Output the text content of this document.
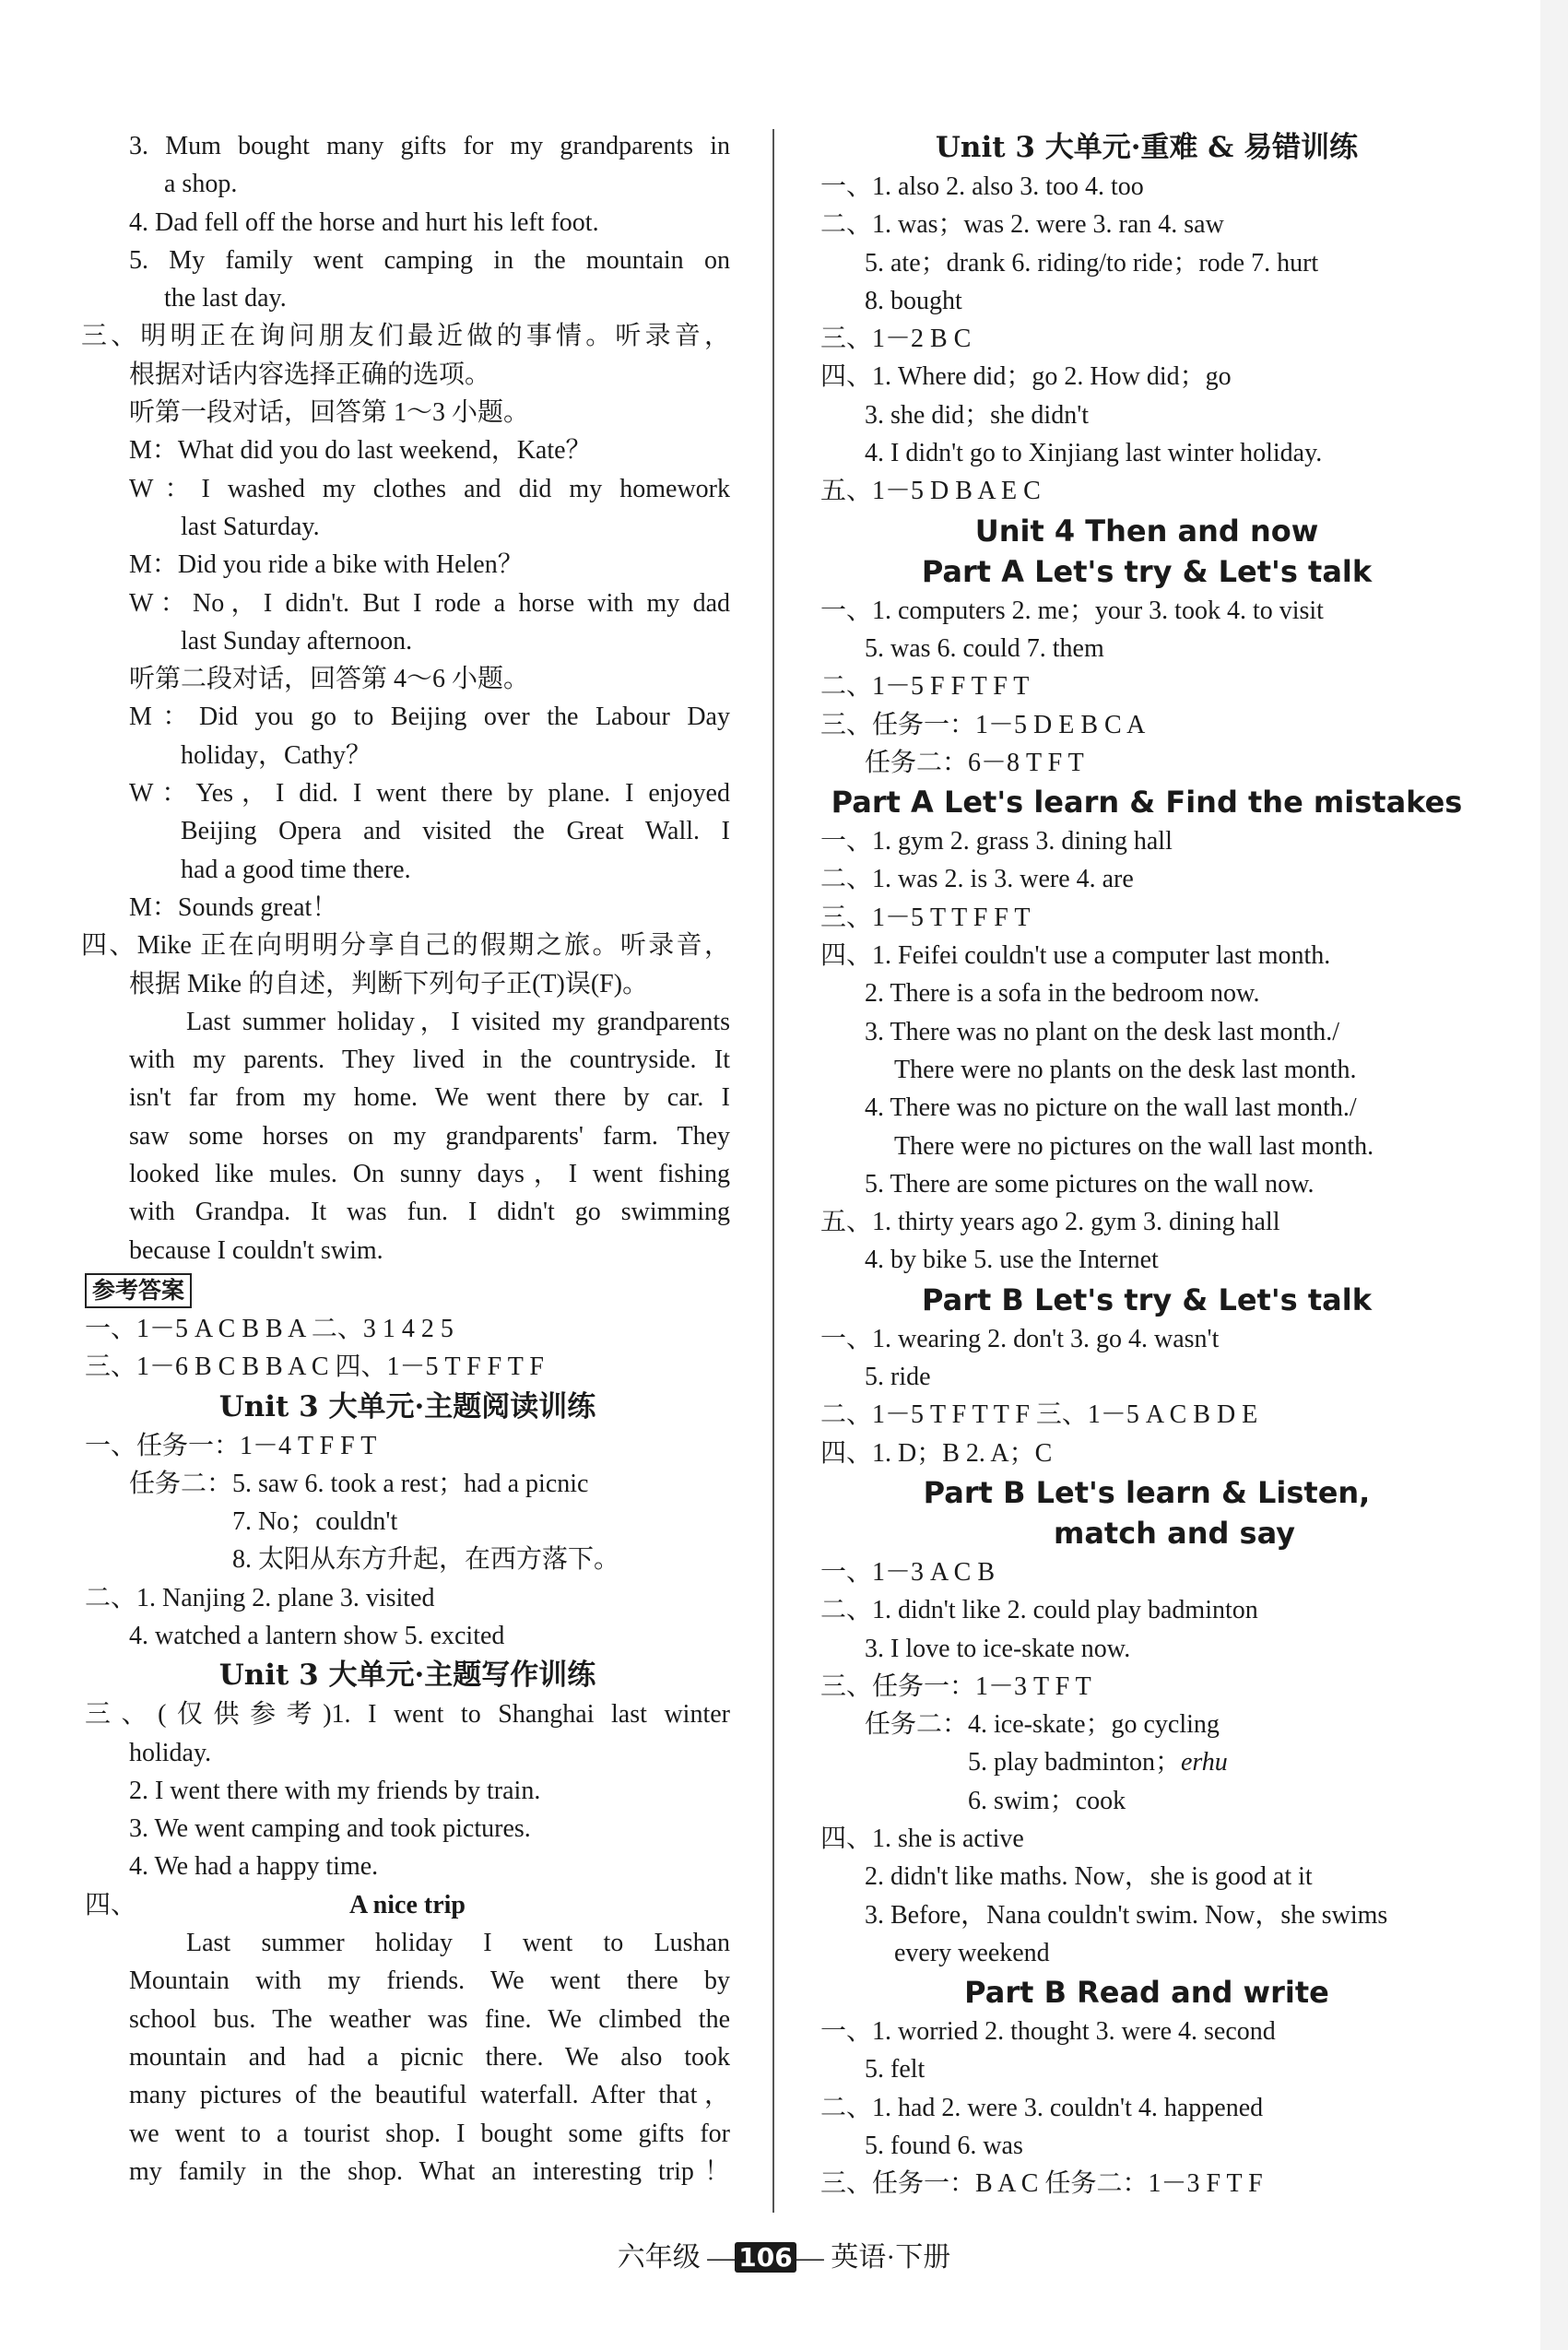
3. Mum bought many gifts for my grandparents in
a shop.
4. Dad fell off the horse and hurt his left foot.
5. My family went camping in the mountain on
the last day.
三、明明正在询问朋友们最近做的事情。听录音，
根据对话内容选择正确的选项。
听第一段对话，回答第 1～3 小题。
M：What did you do last weekend，Kate？
W：I washed my clothes and did my homework
last Saturday.
M：Did you ride a bike with Helen？
W：No，I didn't. But I rode a horse with my dad
last Sunday afternoon.
听第二段对话，回答第 4～6 小题。
M：Did you go to Beijing over the Labour Day
holiday，Cathy？
W：Yes，I did. I went there by plane. I enjoyed
Beijing Opera and visited the Great Wall. I
had a good time there.
M：Sounds great！
四、Mike 正在向明明分享自己的假期之旅。听录音，
根据 Mike 的自述，判断下列句子正(T)误(F)。
Last summer holiday，I visited my grandparents
with my parents. They lived in the countryside. It
isn't far from my home. We went there by car. I
saw some horses on my grandparents' farm. They
looked like mules. On sunny days，I went fishing
with Grandpa. It was fun. I didn't go swimming
because I couldn't swim.
参考答案
一、1－5 A C B B A 二、3 1 4 2 5
三、1－6 B C B B A C 四、1－5 T F F T F
Unit 3 大单元·主题阅读训练
一、任务一：1－4 T F F T
任务二：5. saw 6. took a rest；had a picnic
7. No；couldn't
8. 太阳从东方升起，在西方落下。
二、1. Nanjing 2. plane 3. visited
4. watched a lantern show 5. excited
Unit 3 大单元·主题写作训练
三、(仅供参考)1. I went to Shanghai last winter
holiday.
2. I went there with my friends by train.
3. We went camping and took pictures.
4. We had a happy time.
四、	A nice trip
Last summer holiday I went to Lushan
Mountain with my friends. We went there by
school bus. The weather was fine. We climbed the
mountain and had a picnic there. We also took
many pictures of the beautiful waterfall. After that，
we went to a tourist shop. I bought some gifts for
my family in the shop. What an interesting trip！
Unit 3 大单元·重难 & 易错训练
一、1. also 2. also 3. too 4. too
二、1. was；was 2. were 3. ran 4. saw
5. ate；drank 6. riding/to ride；rode 7. hurt
8. bought
三、1－2 B C
四、1. Where did；go 2. How did；go
3. she did；she didn't
4. I didn't go to Xinjiang last winter holiday.
五、1－5 D B A E C
Unit 4 Then and now
Part A Let's try & Let's talk
一、1. computers 2. me；your 3. took 4. to visit
5. was 6. could 7. them
二、1－5 F F T F T
三、任务一：1－5 D E B C A
任务二：6－8 T F T
Part A Let's learn & Find the mistakes
一、1. gym 2. grass 3. dining hall
二、1. was 2. is 3. were 4. are
三、1－5 T T F F T
四、1. Feifei couldn't use a computer last month.
2. There is a sofa in the bedroom now.
3. There was no plant on the desk last month./
There were no plants on the desk last month.
4. There was no picture on the wall last month./
There were no pictures on the wall last month.
5. There are some pictures on the wall now.
五、1. thirty years ago 2. gym 3. dining hall
4. by bike 5. use the Internet
Part B Let's try & Let's talk
一、1. wearing 2. don't 3. go 4. wasn't
5. ride
二、1－5 T F T T F 三、1－5 A C B D E
四、1. D；B 2. A；C
Part B Let's learn & Listen,
match and say
一、1－3 A C B
二、1. didn't like 2. could play badminton
3. I love to ice-skate now.
三、任务一：1－3 T F T
任务二：4. ice-skate；go cycling
5. play badminton；erhu
6. swim；cook
四、1. she is active
2. didn't like maths. Now，she is good at it
3. Before，Nana couldn't swim. Now，she swims
every weekend
Part B Read and write
一、1. worried 2. thought 3. were 4. second
5. felt
二、1. had 2. were 3. couldn't 4. happened
5. found 6. was
三、任务一：B A C 任务二：1－3 F T F
六年级 — 106 — 英语·下册
